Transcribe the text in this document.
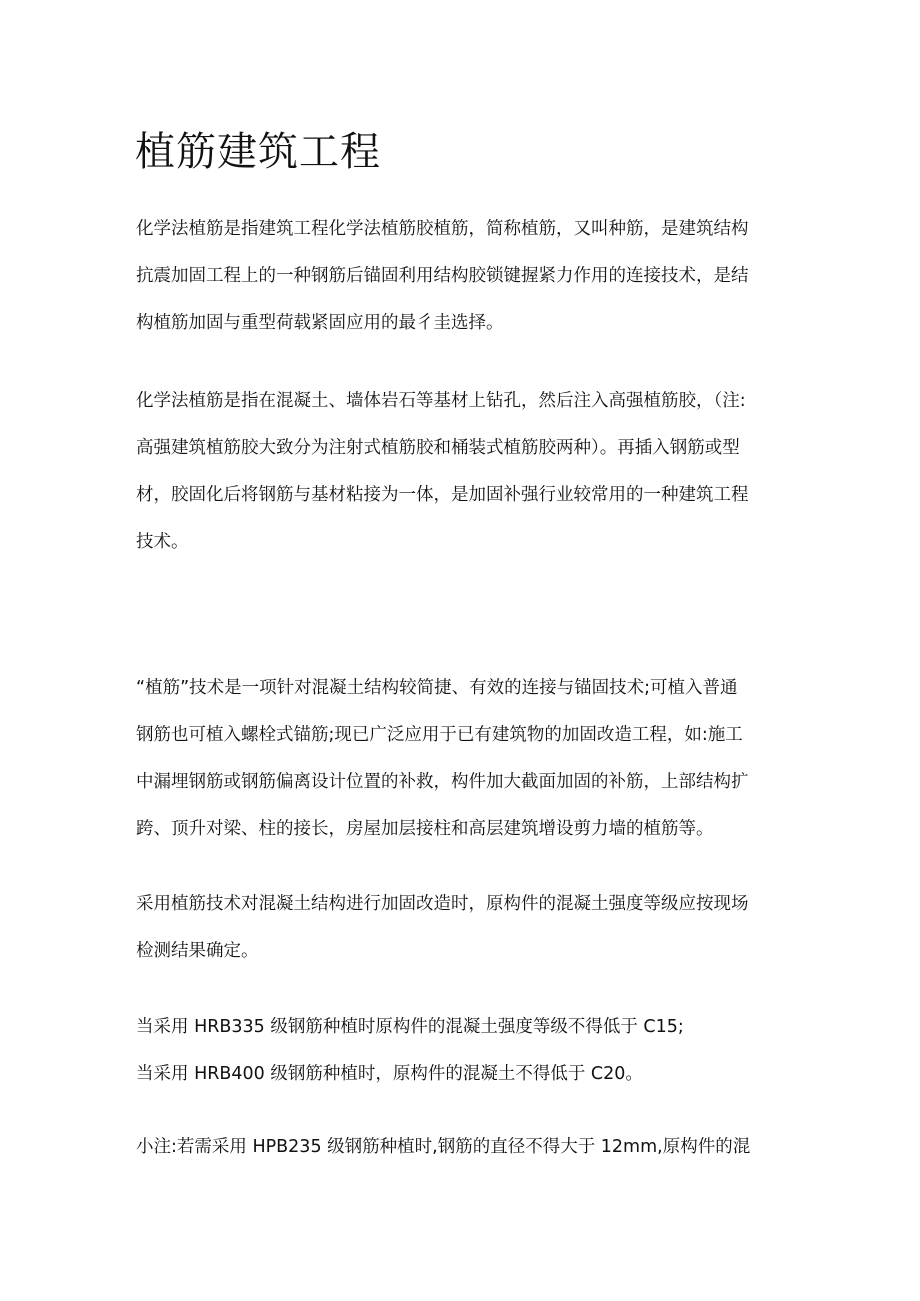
植筋建筑工程
化学法植筋是指建筑工程化学法植筋胶植筋，简称植筋，又叫种筋，是建筑结构
抗震加固工程上的一种钢筋后锚固利用结构胶锁键握紧力作用的连接技术，是结
构植筋加固与重型荷载紧固应用的最彳圭选择。
化学法植筋是指在混凝土、墙体岩石等基材上钻孔，然后注入高强植筋胶，（注:
高强建筑植筋胶大致分为注射式植筋胶和桶装式植筋胶两种）。再插入钢筋或型
材，胶固化后将钢筋与基材粘接为一体，是加固补强行业较常用的一种建筑工程
技术。
“植筋”技术是一项针对混凝土结构较简捷、有效的连接与锚固技术;可植入普通
钢筋也可植入螺栓式锚筋;现已广泛应用于已有建筑物的加固改造工程，如:施工
中漏埋钢筋或钢筋偏离设计位置的补救，构件加大截面加固的补筋，上部结构扩
跨、顶升对梁、柱的接长，房屋加层接柱和高层建筑增设剪力墙的植筋等。
采用植筋技术对混凝土结构进行加固改造时，原构件的混凝土强度等级应按现场
检测结果确定。
当采用 HRB335 级钢筋种植时原构件的混凝土强度等级不得低于 C15;
当采用 HRB400 级钢筋种植时，原构件的混凝土不得低于 C20。
小注:若需采用 HPB235 级钢筋种植时,钢筋的直径不得大于 12mm,原构件的混
